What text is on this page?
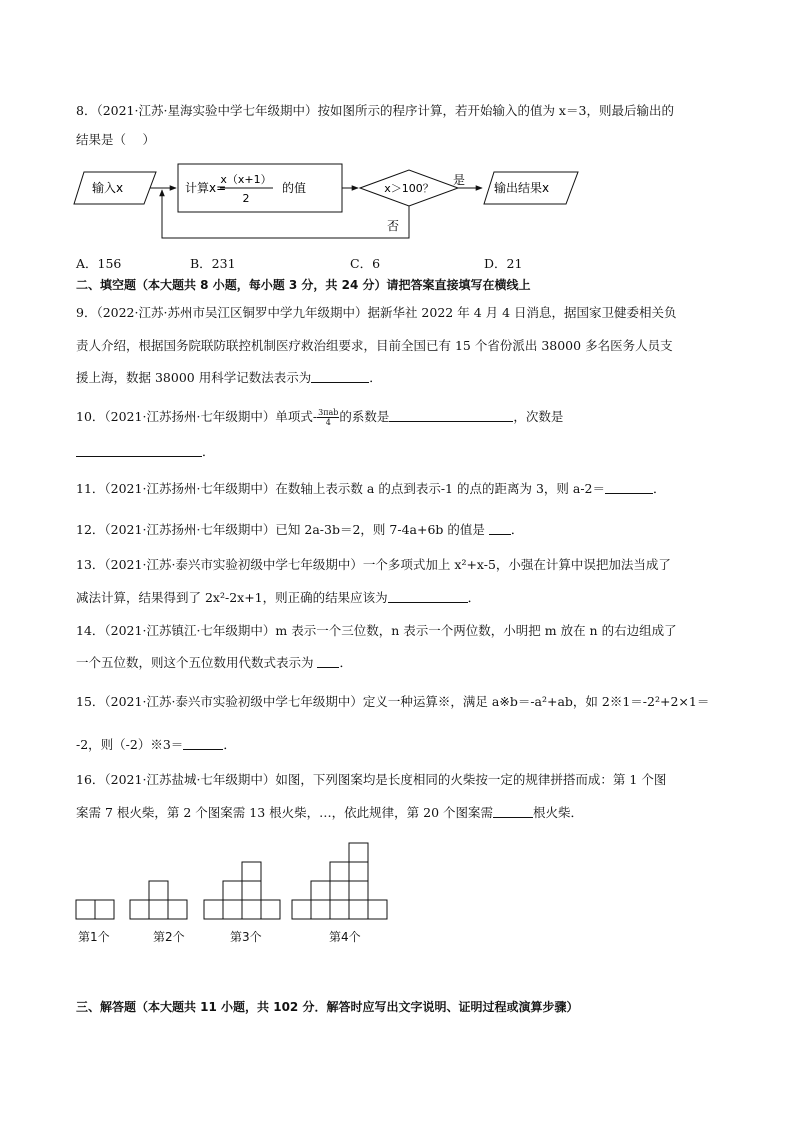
8．（2021·江苏·星海实验中学七年级期中）按如图所示的程序计算，若开始输入的值为 x＝3，则最后输出的
结果是（　 ）
输入x	计算x=
x（x+1）
2
的值	x＞100？
是
输出结果x
否
A．156	B．231	C．6	D．21
二、填空题（本大题共 8 小题，每小题 3 分，共 24 分）请把答案直接填写在横线上
9．（2022·江苏·苏州市吴江区铜罗中学九年级期中）据新华社 2022 年 4 月 4 日消息，据国家卫健委相关负
责人介绍，根据国务院联防联控机制医疗救治组要求，目前全国已有 15 个省份派出 38000 多名医务人员支
援上海，数据 38000 用科学记数法表示为	．
10．（2021·江苏扬州·七年级期中）单项式- $\frac{\text{3πab}}{4}$ 的系数是	，次数是
．
11．（2021·江苏扬州·七年级期中）在数轴上表示数 a 的点到表示-1 的点的距离为 3，则 a-2＝	．
12．（2021·江苏扬州·七年级期中）已知 2a-3b＝2，则 7-4a+6b 的值是 ．
13．（2021·江苏·泰兴市实验初级中学七年级期中）一个多项式加上 x²+x-5，小强在计算中误把加法当成了
减法计算，结果得到了 2x²-2x+1，则正确的结果应该为	．
14．（2021·江苏镇江·七年级期中）m 表示一个三位数，n 表示一个两位数，小明把 m 放在 n 的右边组成了
一个五位数，则这个五位数用代数式表示为 ．
15．（2021·江苏·泰兴市实验初级中学七年级期中）定义一种运算※，满足 a※b＝-a²+ab，如 2※1＝-2²+2×1＝
-2，则（-2）※3＝	．
16．（2021·江苏盐城·七年级期中）如图，下列图案均是长度相同的火柴按一定的规律拼搭而成：第 1 个图
案需 7 根火柴，第 2 个图案需 13 根火柴，…，依此规律，第 20 个图案需	根火柴．
第1个	第2个	第3个	第4个
三、解答题（本大题共 11 小题，共 102 分．解答时应写出文字说明、证明过程或演算步骤）
